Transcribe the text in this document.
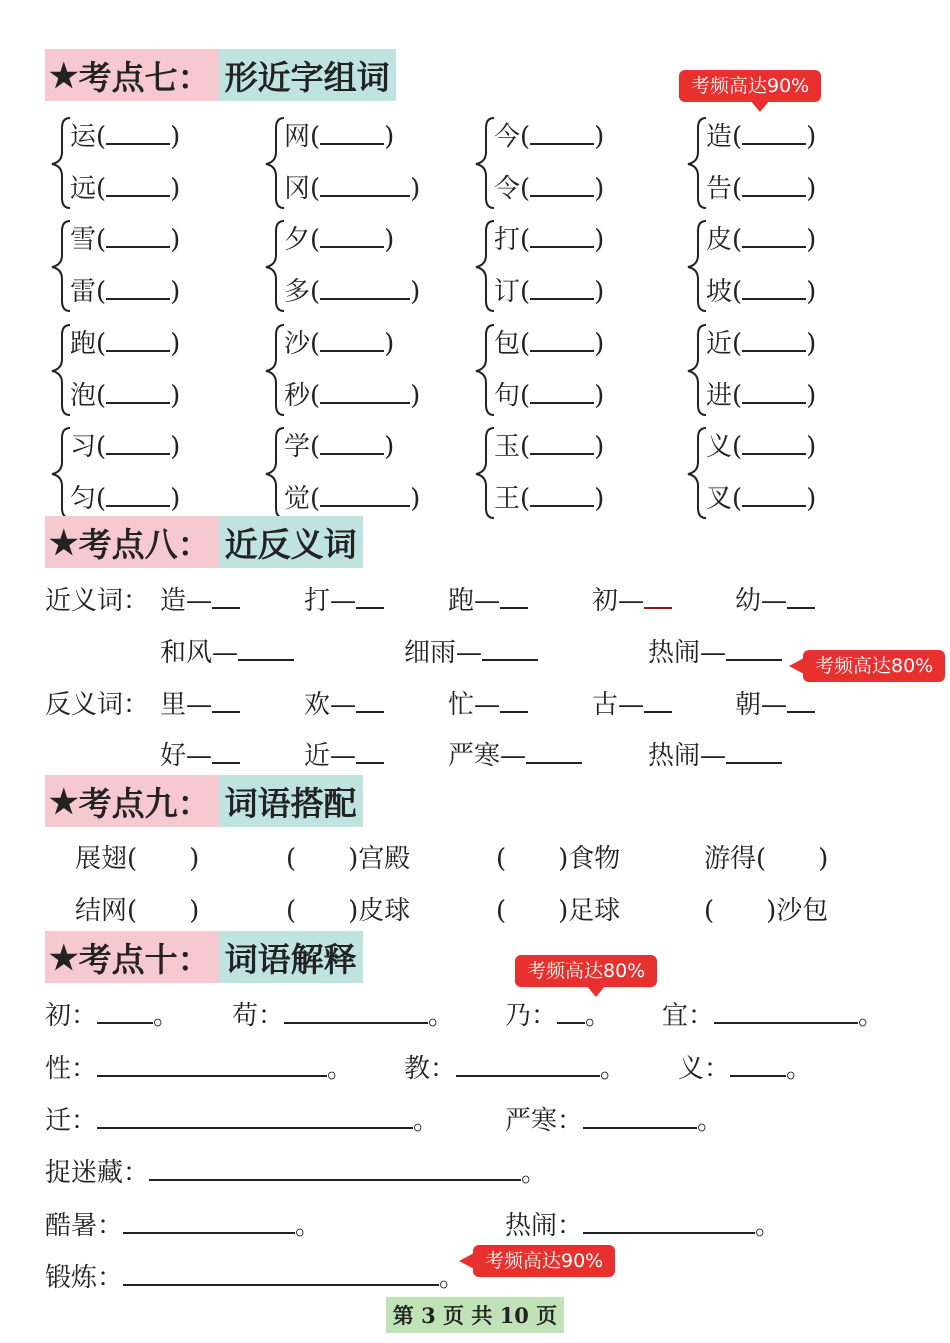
★ 考点七： 形近字组词	考频高达90%
运 ( )
远 ( )
网 ( )
冈 (	)
今 ( )
令 ( )
造 ( )
告 ( )
雪 ( )
雷 ( )
夕 ( )
多 (	)
打 ( )
订 ( )
皮 ( )
坡 ( )
跑 ( )
泡 ( )
沙 ( )
秒 (	)
包 ( )
句 ( )
近 ( )
进 ( )
习 ( )
匀 ( )
学 ( )
觉 (	)
玉 ( )
王 ( )
义 ( )
叉 ( )
★ 考点八： 近反义词
近义词： 造—	打—	跑—	初—	幼—
和风—	细雨—	热闹—	考频高达80%
反义词： 里—	欢—	忙—	古—	朝—
好—	近—	严寒—	热闹—
★ 考点九： 词语搭配
展翅(　　)	(　　)宫殿	(　　)食物	游得(　　)
结网(　　)	(　　)皮球	(　　)足球	(　　)沙包
★ 考点十： 词语解释	考频高达80%
初： 。 苟：	。 乃： 。 宜：	。
性：	。 教：	。 义： 。
迁：	。	严寒：	。
捉迷藏：	。
酷暑：	。	热闹：	。
锻炼：	。
考频高达90%
第 3 页 共 10 页
